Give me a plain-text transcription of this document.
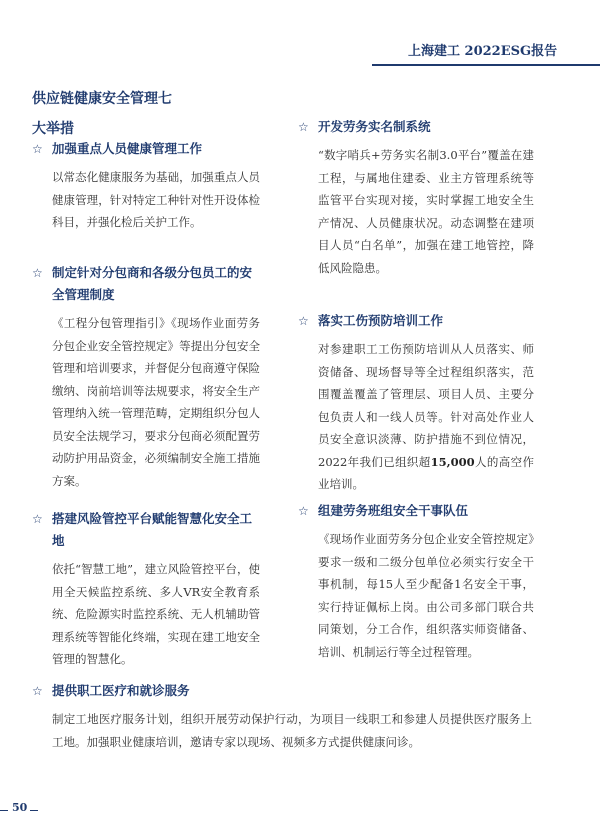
上海建工 2022ESG报告
供应链健康安全管理七大举措
☆ 加强重点人员健康管理工作
以常态化健康服务为基础，加强重点人员健康管理，针对特定工种针对性开设体检科目，并强化检后关护工作。
☆ 制定针对分包商和各级分包员工的安全管理制度
《工程分包管理指引》《现场作业面劳务分包企业安全管控规定》等提出分包安全管理和培训要求，并督促分包商遵守保险缴纳、岗前培训等法规要求，将安全生产管理纳入统一管理范畴，定期组织分包人员安全法规学习，要求分包商必须配置劳动防护用品资金，必须编制安全施工措施方案。
☆ 搭建风险管控平台赋能智慧化安全工地
依托“智慧工地”，建立风险管控平台，使用全天候监控系统、多人VR安全教育系统、危险源实时监控系统、无人机辅助管理系统等智能化终端，实现在建工地安全管理的智慧化。
☆ 开发劳务实名制系统
“数字哨兵+劳务实名制3.0平台”覆盖在建工程，与属地住建委、业主方管理系统等监管平台实现对接，实时掌握工地安全生产情况、人员健康状况。动态调整在建项目人员“白名单”，加强在建工地管控，降低风险隐患。
☆ 落实工伤预防培训工作
对参建职工工伤预防培训从人员落实、师资储备、现场督导等全过程组织落实，范围覆盖覆盖了管理层、项目人员、主要分包负责人和一线人员等。针对高处作业人员安全意识淡薄、防护措施不到位情况，2022年我们已组织超15,000人的高空作业培训。
☆ 组建劳务班组安全干事队伍
《现场作业面劳务分包企业安全管控规定》要求一级和二级分包单位必须实行安全干事机制，每15人至少配备1名安全干事，实行持证佩标上岗。由公司多部门联合共同策划，分工合作，组织落实师资储备、培训、机制运行等全过程管理。
☆ 提供职工医疗和就诊服务
制定工地医疗服务计划，组织开展劳动保护行动，为项目一线职工和参建人员提供医疗服务上工地。加强职业健康培训，邀请专家以现场、视频多方式提供健康问诊。
50
